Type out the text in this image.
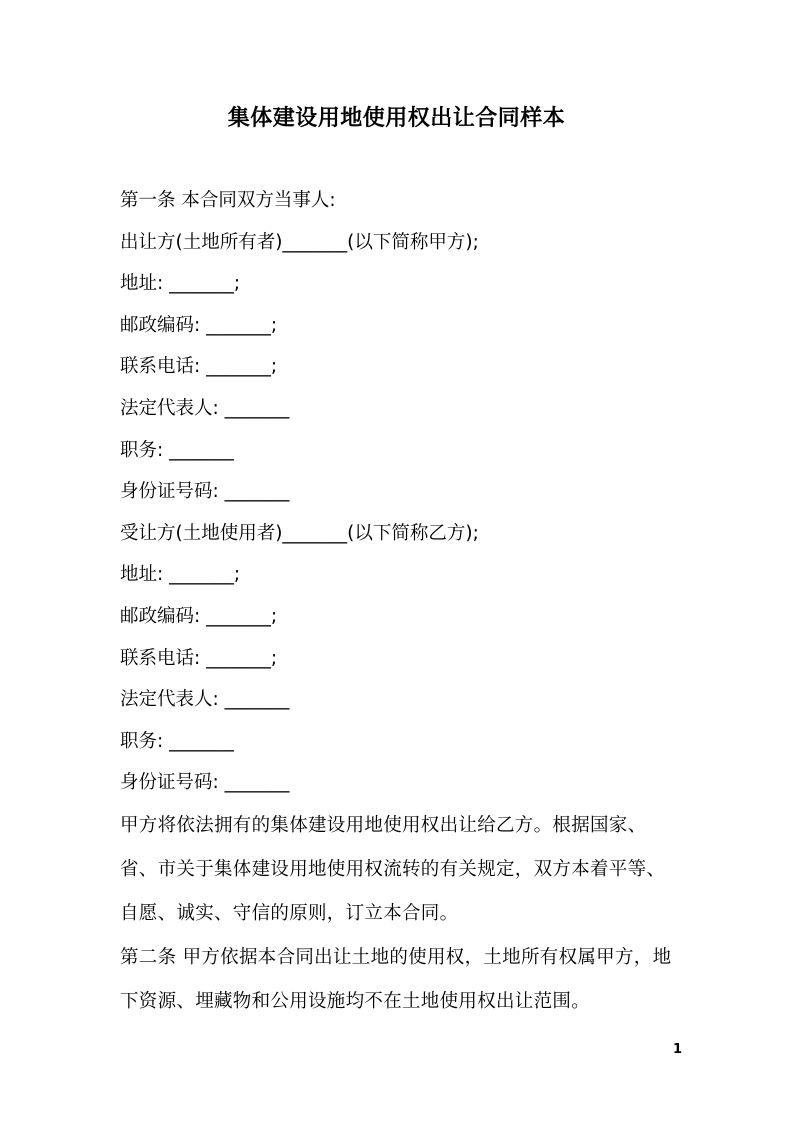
集体建设用地使用权出让合同样本
第一条 本合同双方当事人:
出让方(土地所有者)_______(以下简称甲方);
地址: _______;
邮政编码: _______;
联系电话: _______;
法定代表人: _______
职务: _______
身份证号码: _______
受让方(土地使用者)_______(以下简称乙方);
地址: _______;
邮政编码: _______;
联系电话: _______;
法定代表人: _______
职务: _______
身份证号码: _______
甲方将依法拥有的集体建设用地使用权出让给乙方。根据国家、省、市关于集体建设用地使用权流转的有关规定，双方本着平等、自愿、诚实、守信的原则，订立本合同。
第二条 甲方依据本合同出让土地的使用权，土地所有权属甲方，地下资源、埋藏物和公用设施均不在土地使用权出让范围。
1
